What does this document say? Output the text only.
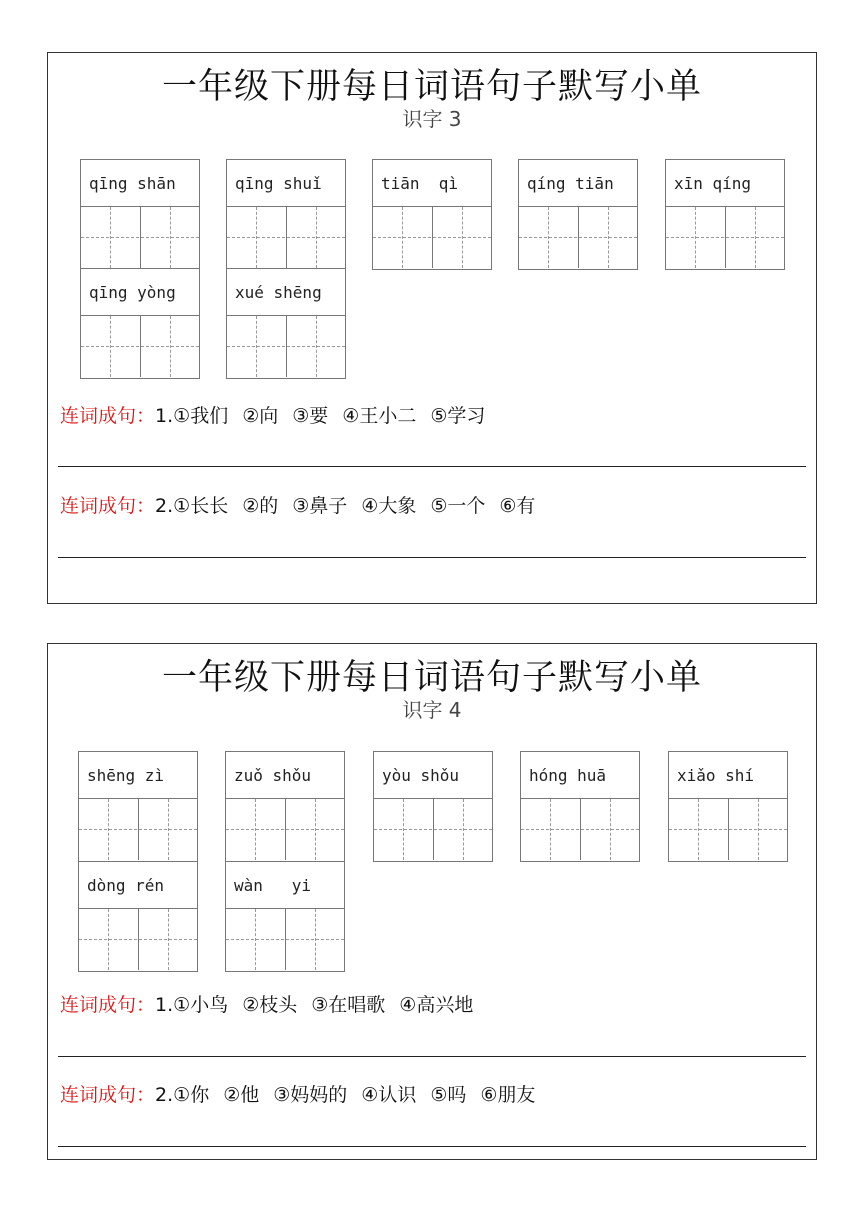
一年级下册每日词语句子默写小单
识字 3
qīng shān	qīng shuǐ	tiān  qì	qíng tiān	xīn qíng
qīng yòng	xué shēng
连词成句：1.①我们 ②向 ③要 ④王小二 ⑤学习
连词成句：2.①长长 ②的 ③鼻子 ④大象 ⑤一个 ⑥有
一年级下册每日词语句子默写小单
识字 4
shēng zì	zuǒ shǒu	yòu shǒu	hóng huā	xiǎo shí
dòng rén	wàn   yi
连词成句：1.①小鸟 ②枝头 ③在唱歌 ④高兴地
连词成句：2.①你 ②他 ③妈妈的 ④认识 ⑤吗 ⑥朋友
